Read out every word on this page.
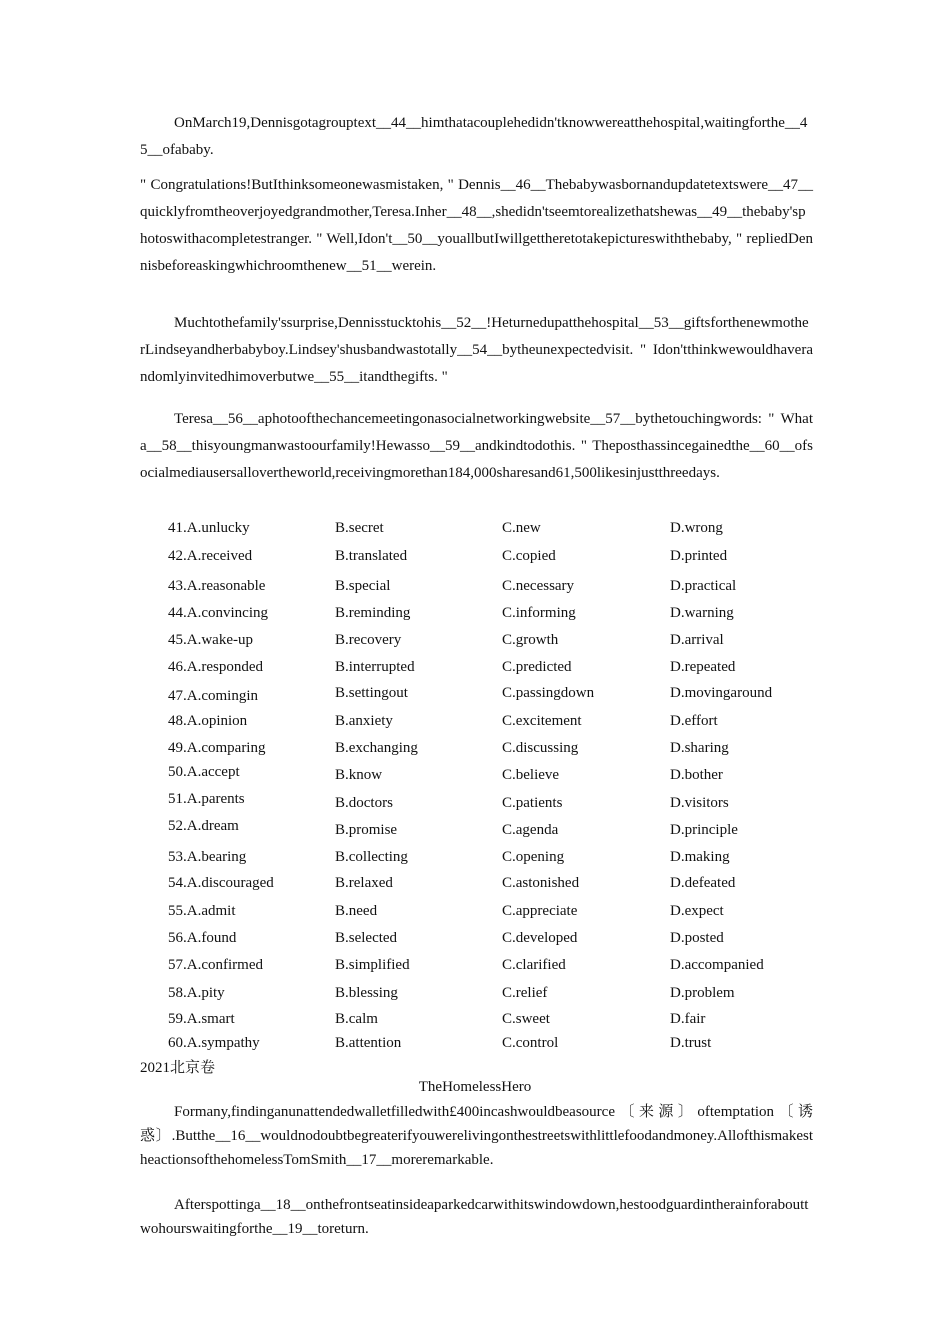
OnMarch19,Dennisgotagrouptext__44__himthatacouplehedidn'tknowwereatthehospital,waitingforthe__45__ofababy.

" Congratulations!ButIthinksomeonewasmistaken, " Dennis__46__Thebabywasbornandupdatetextswere__47__quicklyfromtheoverjoyedgrandmother,Teresa.Inher__48__,shedidn'tseemtorealizethatshewas__49__thebaby'sphotoswithacompletestranger. " Well,Idon't__50__youallbutIwillgettheretotakepictureswiththebaby, " repliedDennisbeforeaskingwhichroomthenew__51__werein.

Muchtothefamily'ssurprise,Dennisstucktohis__52__!Heturnedupatthehospital__53__giftsforthenewmotherLindseyandherbabyboy.Lindsey'shusbandwastotally__54__bytheunexpectedvisit. " Idon'tthinkwewouldhaverandomlyinvitedhimoverbutwe__55__itandthegifts. "

Teresa__56__aphotoofthechancemeetingonasocialnetworkingwebsite__57__bythetouchingwords: " Whata__58__thisyoungmanwastoourfamily!Hewasso__59__andkindtodothis. " Theposthassincegainedthe__60__ofsocialmediausersallovertheworld,receivingmorethan184,000sharesand61,500likesinjustthreedays.

41.A.unlucky	B.secret	C.new	D.wrong
42.A.received	B.translated	C.copied	D.printed
43.A.reasonable	B.special	C.necessary	D.practical
44.A.convincing	B.reminding	C.informing	D.warning
45.A.wake-up	B.recovery	C.growth	D.arrival
46.A.responded	B.interrupted	C.predicted	D.repeated
47.A.comingin	B.settingout	C.passingdown	D.movingaround
48.A.opinion	B.anxiety	C.excitement	D.effort
49.A.comparing	B.exchanging	C.discussing	D.sharing
50.A.accept	B.know	C.believe	D.bother
51.A.parents	B.doctors	C.patients	D.visitors
52.A.dream	B.promise	C.agenda	D.principle
53.A.bearing	B.collecting	C.opening	D.making
54.A.discouraged	B.relaxed	C.astonished	D.defeated
55.A.admit	B.need	C.appreciate	D.expect
56.A.found	B.selected	C.developed	D.posted
57.A.confirmed	B.simplified	C.clarified	D.accompanied
58.A.pity	B.blessing	C.relief	D.problem
59.A.smart	B.calm	C.sweet	D.fair
60.A.sympathy	B.attention	C.control	D.trust
2021北京卷
TheHomelessHero

Formany,findinganunattendedwalletfilledwith£400incashwouldbeasource〔来源〕oftemptation〔诱惑〕.Butthe__16__wouldnodoubtbegreaterifyouwerelivingonthestreetswithlittlefoodandmoney.AllofthismakestheactionsofthehomelessTomSmith__17__moreremarkable.

Afterspottinga__18__onthefrontseatinsideaparkedcarwithitswindowdown,hestoodguardintherainforabouttwohourswaitingforthe__19__toreturn.
